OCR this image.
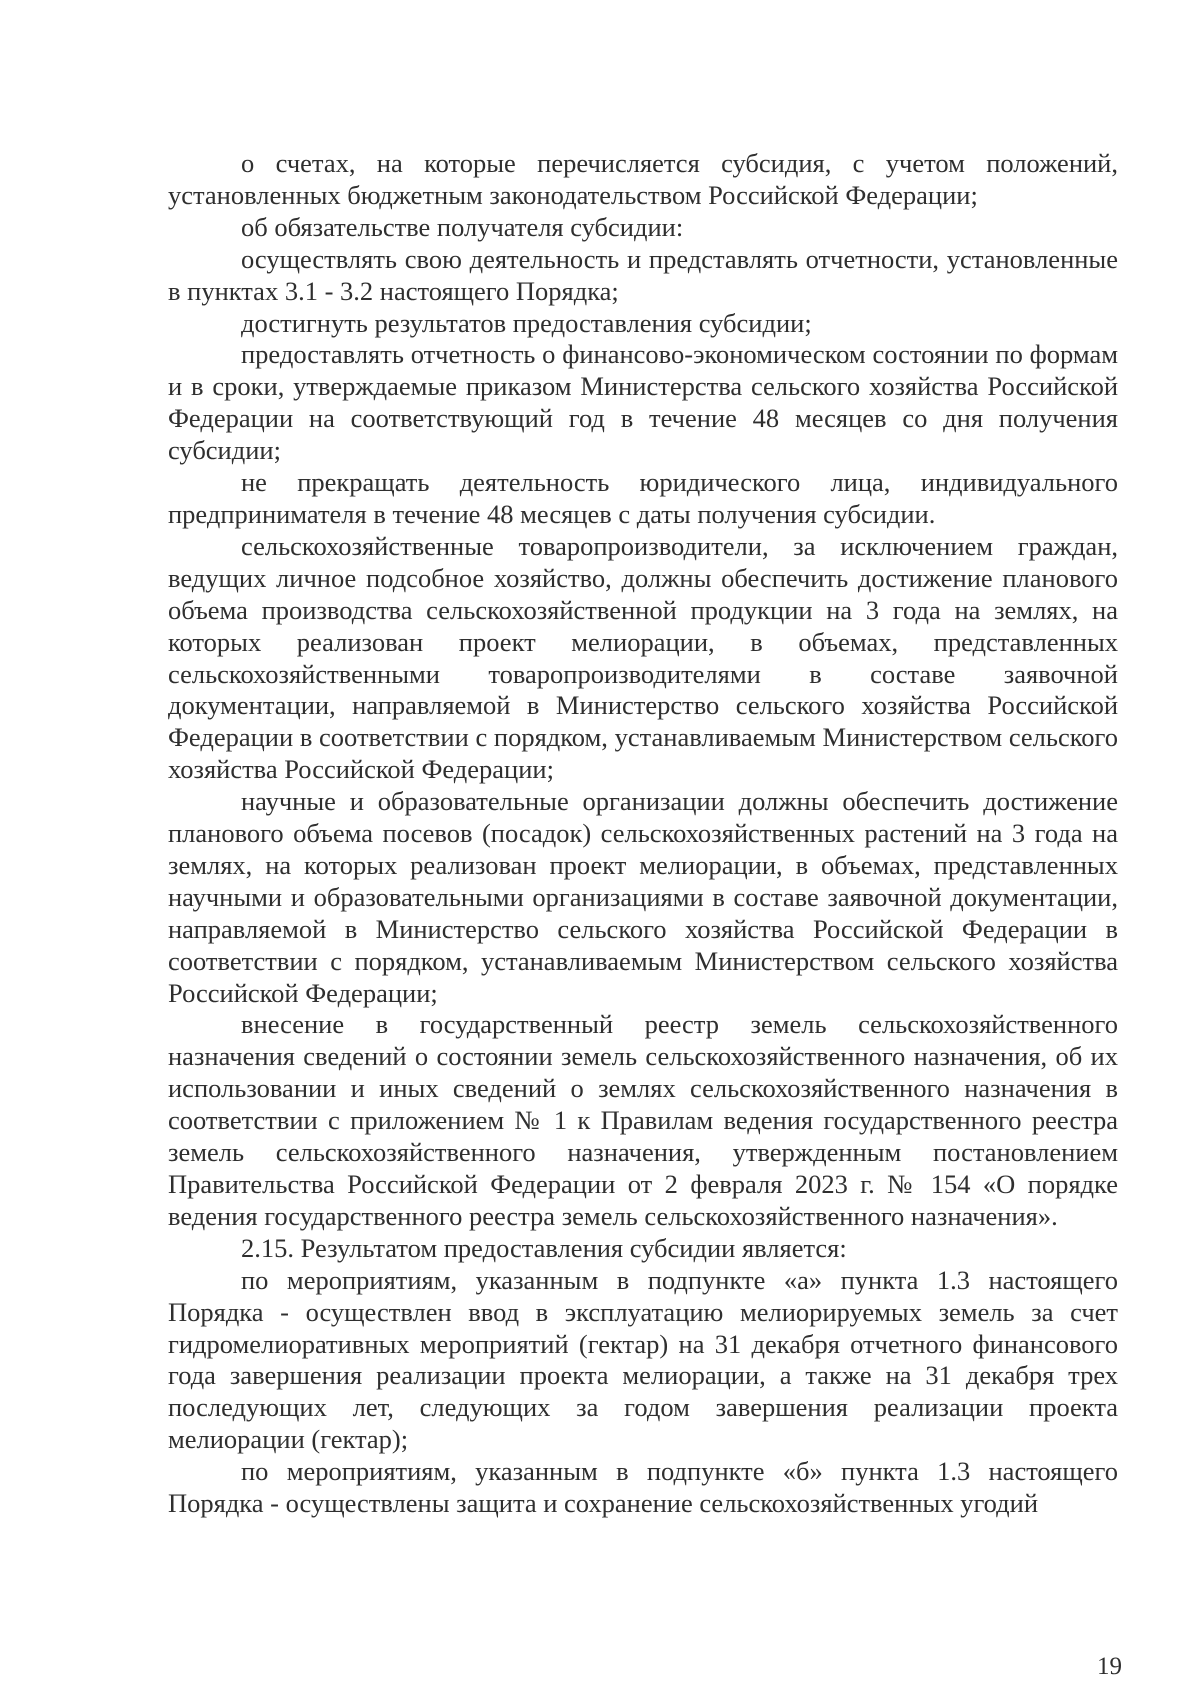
о счетах, на которые перечисляется субсидия, с учетом положений, установленных бюджетным законодательством Российской Федерации;

об обязательстве получателя субсидии:

осуществлять свою деятельность и представлять отчетности, установленные в пунктах 3.1 - 3.2 настоящего Порядка;

достигнуть результатов предоставления субсидии;

предоставлять отчетность о финансово-экономическом состоянии по формам и в сроки, утверждаемые приказом Министерства сельского хозяйства Российской Федерации на соответствующий год в течение 48 месяцев со дня получения субсидии;

не прекращать деятельность юридического лица, индивидуального предпринимателя в течение 48 месяцев с даты получения субсидии.

сельскохозяйственные товаропроизводители, за исключением граждан, ведущих личное подсобное хозяйство, должны обеспечить достижение планового объема производства сельскохозяйственной продукции на 3 года на землях, на которых реализован проект мелиорации, в объемах, представленных сельскохозяйственными товаропроизводителями в составе заявочной документации, направляемой в Министерство сельского хозяйства Российской Федерации в соответствии с порядком, устанавливаемым Министерством сельского хозяйства Российской Федерации;

научные и образовательные организации должны обеспечить достижение планового объема посевов (посадок) сельскохозяйственных растений на 3 года на землях, на которых реализован проект мелиорации, в объемах, представленных научными и образовательными организациями в составе заявочной документации, направляемой в Министерство сельского хозяйства Российской Федерации в соответствии с порядком, устанавливаемым Министерством сельского хозяйства Российской Федерации;

внесение в государственный реестр земель сельскохозяйственного назначения сведений о состоянии земель сельскохозяйственного назначения, об их использовании и иных сведений о землях сельскохозяйственного назначения в соответствии с приложением № 1 к Правилам ведения государственного реестра земель сельскохозяйственного назначения, утвержденным постановлением Правительства Российской Федерации от 2 февраля 2023 г. № 154 «О порядке ведения государственного реестра земель сельскохозяйственного назначения».

2.15. Результатом предоставления субсидии является:

по мероприятиям, указанным в подпункте «а» пункта 1.3 настоящего Порядка - осуществлен ввод в эксплуатацию мелиорируемых земель за счет гидромелиоративных мероприятий (гектар) на 31 декабря отчетного финансового года завершения реализации проекта мелиорации, а также на 31 декабря трех последующих лет, следующих за годом завершения реализации проекта мелиорации (гектар);

по мероприятиям, указанным в подпункте «б» пункта 1.3 настоящего Порядка - осуществлены защита и сохранение сельскохозяйственных угодий

19
